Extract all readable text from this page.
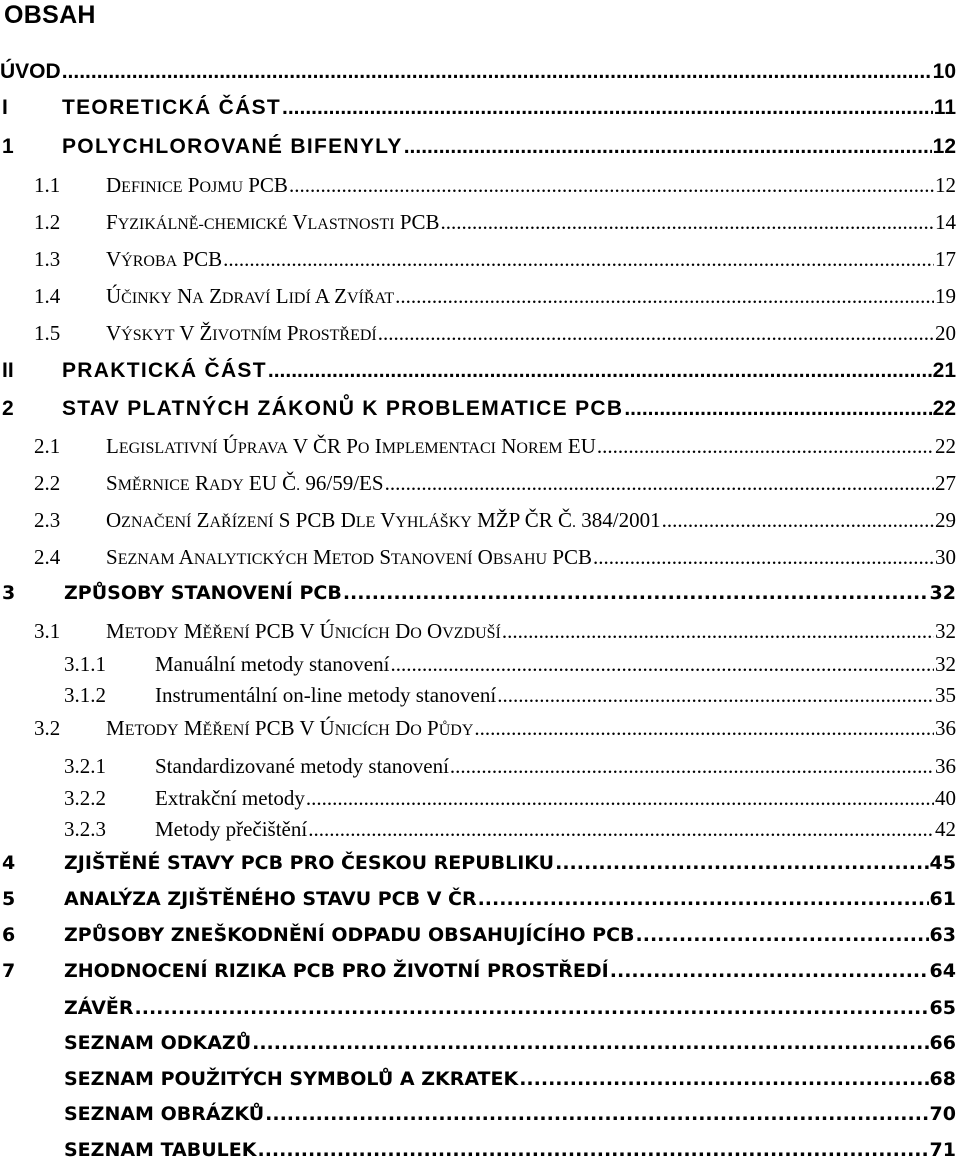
OBSAH
ÚVOD .....	10
I	TEORETICKÁ ČÁST .....	11
1	POLYCHLOROVANÉ BIFENYLY .....	12
1.1	DEFINICE POJMU PCB .....	12
1.2	FYZIKÁLNĚ-CHEMICKÉ VLASTNOSTI PCB .....	14
1.3	VÝROBA PCB .....	17
1.4	ÚČINKY NA ZDRAVÍ LIDÍ A ZVÍŘAT .....	19
1.5	VÝSKYT V ŽIVOTNÍM PROSTŘEDÍ .....	20
II	PRAKTICKÁ ČÁST .....	21
2	STAV PLATNÝCH ZÁKONŮ K PROBLEMATICE PCB .....	22
2.1	LEGISLATIVNÍ ÚPRAVA V ČR PO IMPLEMENTACI NOREM EU .....	22
2.2	SMĚRNICE RADY EU Č. 96/59/ES .....	27
2.3	OZNAČENÍ ZAŘÍZENÍ S PCB DLE VYHLÁŠKY MŽP ČR Č. 384/2001 .....	29
2.4	SEZNAM ANALYTICKÝCH METOD STANOVENÍ OBSAHU PCB .....	30
3	ZPŮSOBY STANOVENÍ PCB .....	32
3.1	METODY MĚŘENÍ PCB V ÚNICÍCH DO OVZDUŠÍ .....	32
3.1.1	Manuální metody stanovení .....	32
3.1.2	Instrumentální on-line metody stanovení .....	35
3.2	METODY MĚŘENÍ PCB V ÚNICÍCH DO PŮDY .....	36
3.2.1	Standardizované metody stanovení .....	36
3.2.2	Extrakční metody .....	40
3.2.3	Metody přečištění .....	42
4	ZJIŠTĚNÉ STAVY PCB PRO ČESKOU REPUBLIKU .....	45
5	ANALÝZA ZJIŠTĚNÉHO STAVU PCB V ČR .....	61
6	ZPŮSOBY ZNEŠKODNĚNÍ ODPADU OBSAHUJÍCÍHO PCB .....	63
7	ZHODNOCENÍ RIZIKA PCB PRO ŽIVOTNÍ PROSTŘEDÍ .....	64
ZÁVĚR .....	65
SEZNAM ODKAZŮ .....	66
SEZNAM POUŽITÝCH SYMBOLŮ A ZKRATEK .....	68
SEZNAM OBRÁZKŮ .....	70
SEZNAM TABULEK .....	71
